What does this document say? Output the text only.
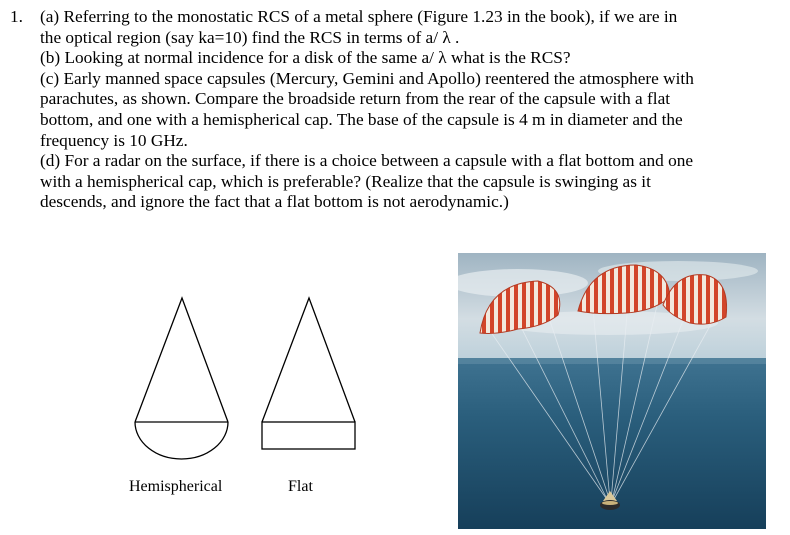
1. (a) Referring to the monostatic RCS of a metal sphere (Figure 1.23 in the book), if we are in
the optical region (say ka=10) find the RCS in terms of a/ λ .
(b) Looking at normal incidence for a disk of the same a/ λ what is the RCS?
(c) Early manned space capsules (Mercury, Gemini and Apollo) reentered the atmosphere with
parachutes, as shown. Compare the broadside return from the rear of the capsule with a flat
bottom, and one with a hemispherical cap. The base of the capsule is 4 m in diameter and the
frequency is 10 GHz.
(d) For a radar on the surface, if there is a choice between a capsule with a flat bottom and one
with a hemispherical cap, which is preferable? (Realize that the capsule is swinging as it
descends, and ignore the fact that a flat bottom is not aerodynamic.)
Hemispherical	Flat
